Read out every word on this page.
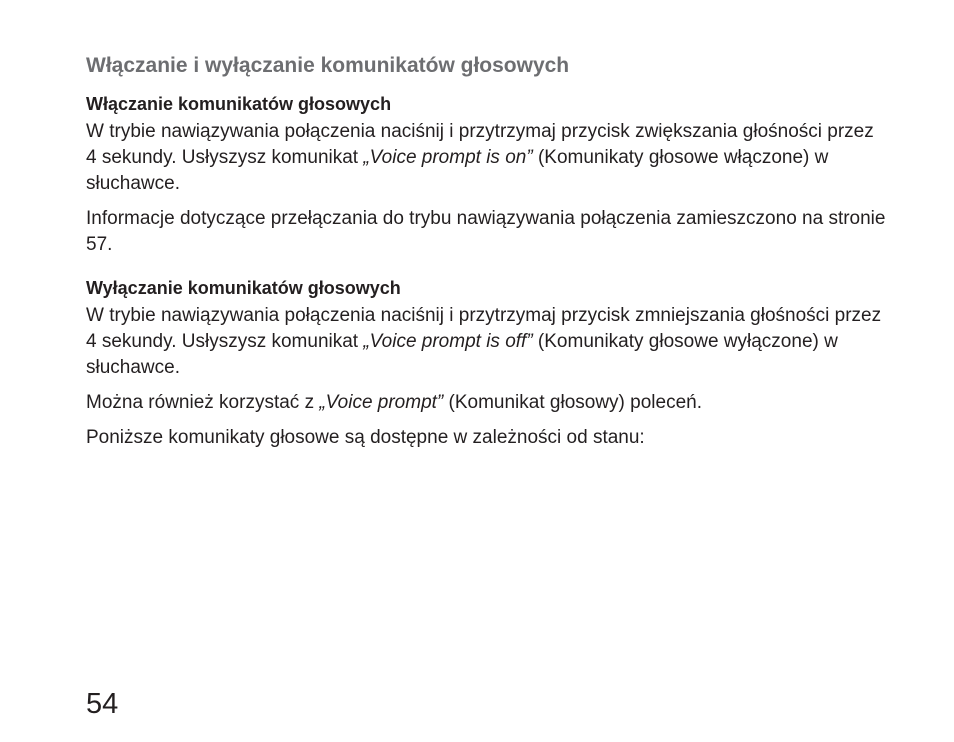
Włączanie i wyłączanie komunikatów głosowych
Włączanie komunikatów głosowych

W trybie nawiązywania połączenia naciśnij i przytrzymaj przycisk zwiększania głośności przez 4 sekundy. Usłyszysz komunikat „Voice prompt is on” (Komunikaty głosowe włączone) w słuchawce.

Informacje dotyczące przełączania do trybu nawiązywania połączenia zamieszczono na stronie 57.

Wyłączanie komunikatów głosowych

W trybie nawiązywania połączenia naciśnij i przytrzymaj przycisk zmniejszania głośności przez 4 sekundy. Usłyszysz komunikat „Voice prompt is off” (Komunikaty głosowe wyłączone) w słuchawce.

Można również korzystać z „Voice prompt” (Komunikat głosowy) poleceń.

Poniższe komunikaty głosowe są dostępne w zależności od stanu:

54
